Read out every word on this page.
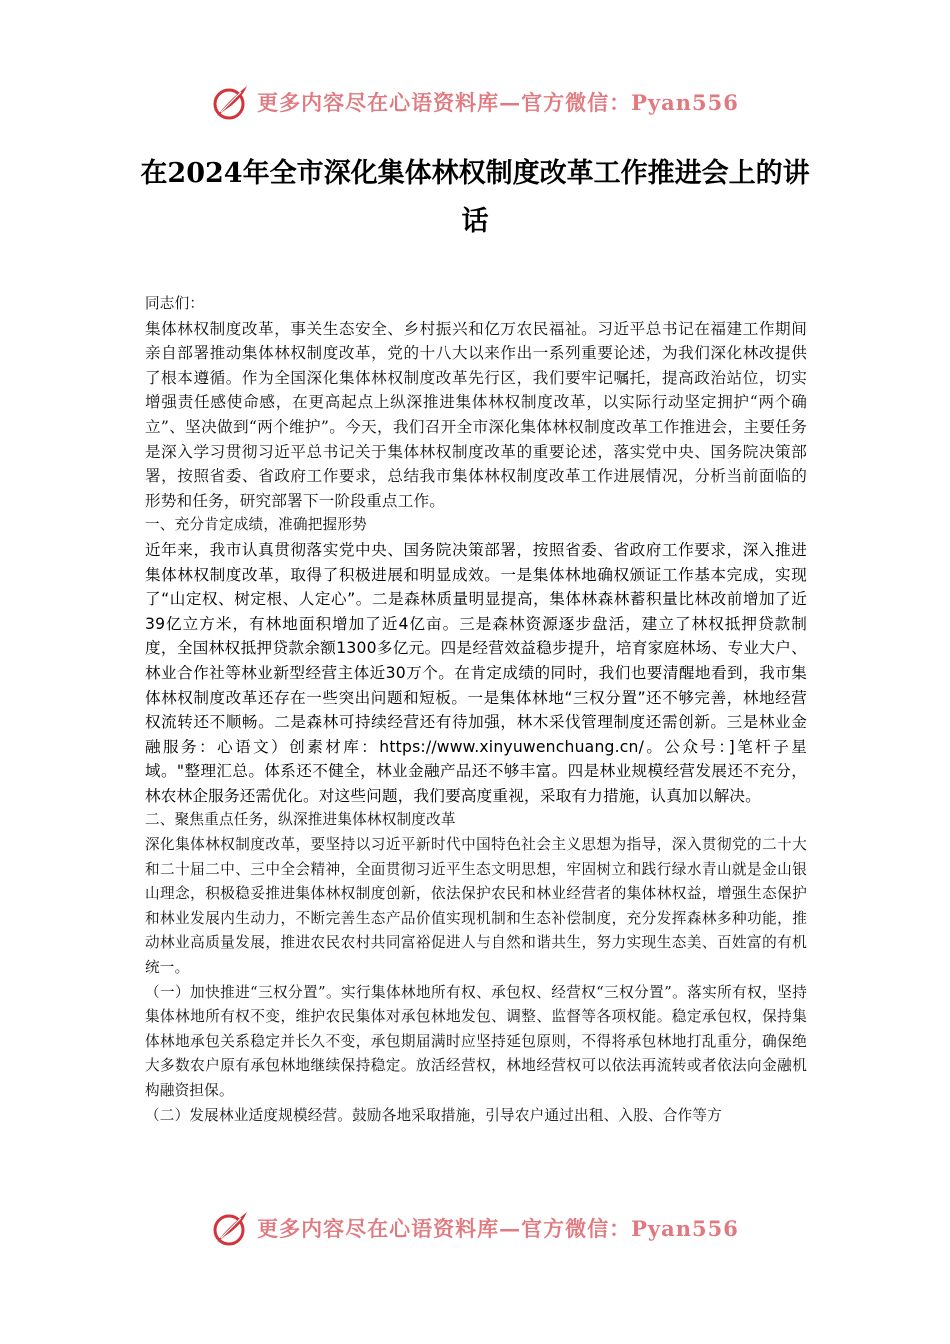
更多内容尽在心语资料库—官方微信：Pyan556
在2024年全市深化集体林权制度改革工作推进会上的讲话

同志们：

集体林权制度改革，事关生态安全、乡村振兴和亿万农民福祉。习近平总书记在福建工作期间亲自部署推动集体林权制度改革，党的十八大以来作出一系列重要论述，为我们深化林改提供了根本遵循。作为全国深化集体林权制度改革先行区，我们要牢记嘱托，提高政治站位，切实增强责任感使命感，在更高起点上纵深推进集体林权制度改革，以实际行动坚定拥护“两个确立”、坚决做到“两个维护”。今天，我们召开全市深化集体林权制度改革工作推进会，主要任务是深入学习贯彻习近平总书记关于集体林权制度改革的重要论述，落实党中央、国务院决策部署，按照省委、省政府工作要求，总结我市集体林权制度改革工作进展情况，分析当前面临的形势和任务，研究部署下一阶段重点工作。

一、充分肯定成绩，准确把握形势

近年来，我市认真贯彻落实党中央、国务院决策部署，按照省委、省政府工作要求，深入推进集体林权制度改革，取得了积极进展和明显成效。一是集体林地确权颁证工作基本完成，实现了“山定权、树定根、人定心”。二是森林质量明显提高，集体林森林蓄积量比林改前增加了近39亿立方米，有林地面积增加了近4亿亩。三是森林资源逐步盘活，建立了林权抵押贷款制度，全国林权抵押贷款余额1300多亿元。四是经营效益稳步提升，培育家庭林场、专业大户、林业合作社等林业新型经营主体近30万个。在肯定成绩的同时，我们也要清醒地看到，我市集体林权制度改革还存在一些突出问题和短板。一是集体林地“三权分置”还不够完善，林地经营权流转还不顺畅。二是森林可持续经营还有待加强，林木采伐管理制度还需创新。三是林业金融服务：心语文）创素材库：https://www.xinyuwenchuang.cn/。公众号：]笔杆子星域。"整理汇总。体系还不健全，林业金融产品还不够丰富。四是林业规模经营发展还不充分，林农林企服务还需优化。对这些问题，我们要高度重视，采取有力措施，认真加以解决。

二、聚焦重点任务，纵深推进集体林权制度改革

深化集体林权制度改革，要坚持以习近平新时代中国特色社会主义思想为指导，深入贯彻党的二十大和二十届二中、三中全会精神，全面贯彻习近平生态文明思想，牢固树立和践行绿水青山就是金山银山理念，积极稳妥推进集体林权制度创新，依法保护农民和林业经营者的集体林权益，增强生态保护和林业发展内生动力，不断完善生态产品价值实现机制和生态补偿制度，充分发挥森林多种功能，推动林业高质量发展，推进农民农村共同富裕促进人与自然和谐共生，努力实现生态美、百姓富的有机统一。

（一）加快推进“三权分置”。实行集体林地所有权、承包权、经营权“三权分置”。落实所有权，坚持集体林地所有权不变，维护农民集体对承包林地发包、调整、监督等各项权能。稳定承包权，保持集体林地承包关系稳定并长久不变，承包期届满时应坚持延包原则，不得将承包林地打乱重分，确保绝大多数农户原有承包林地继续保持稳定。放活经营权，林地经营权可以依法再流转或者依法向金融机构融资担保。

（二）发展林业适度规模经营。鼓励各地采取措施，引导农户通过出租、入股、合作等方

更多内容尽在心语资料库—官方微信：Pyan556
